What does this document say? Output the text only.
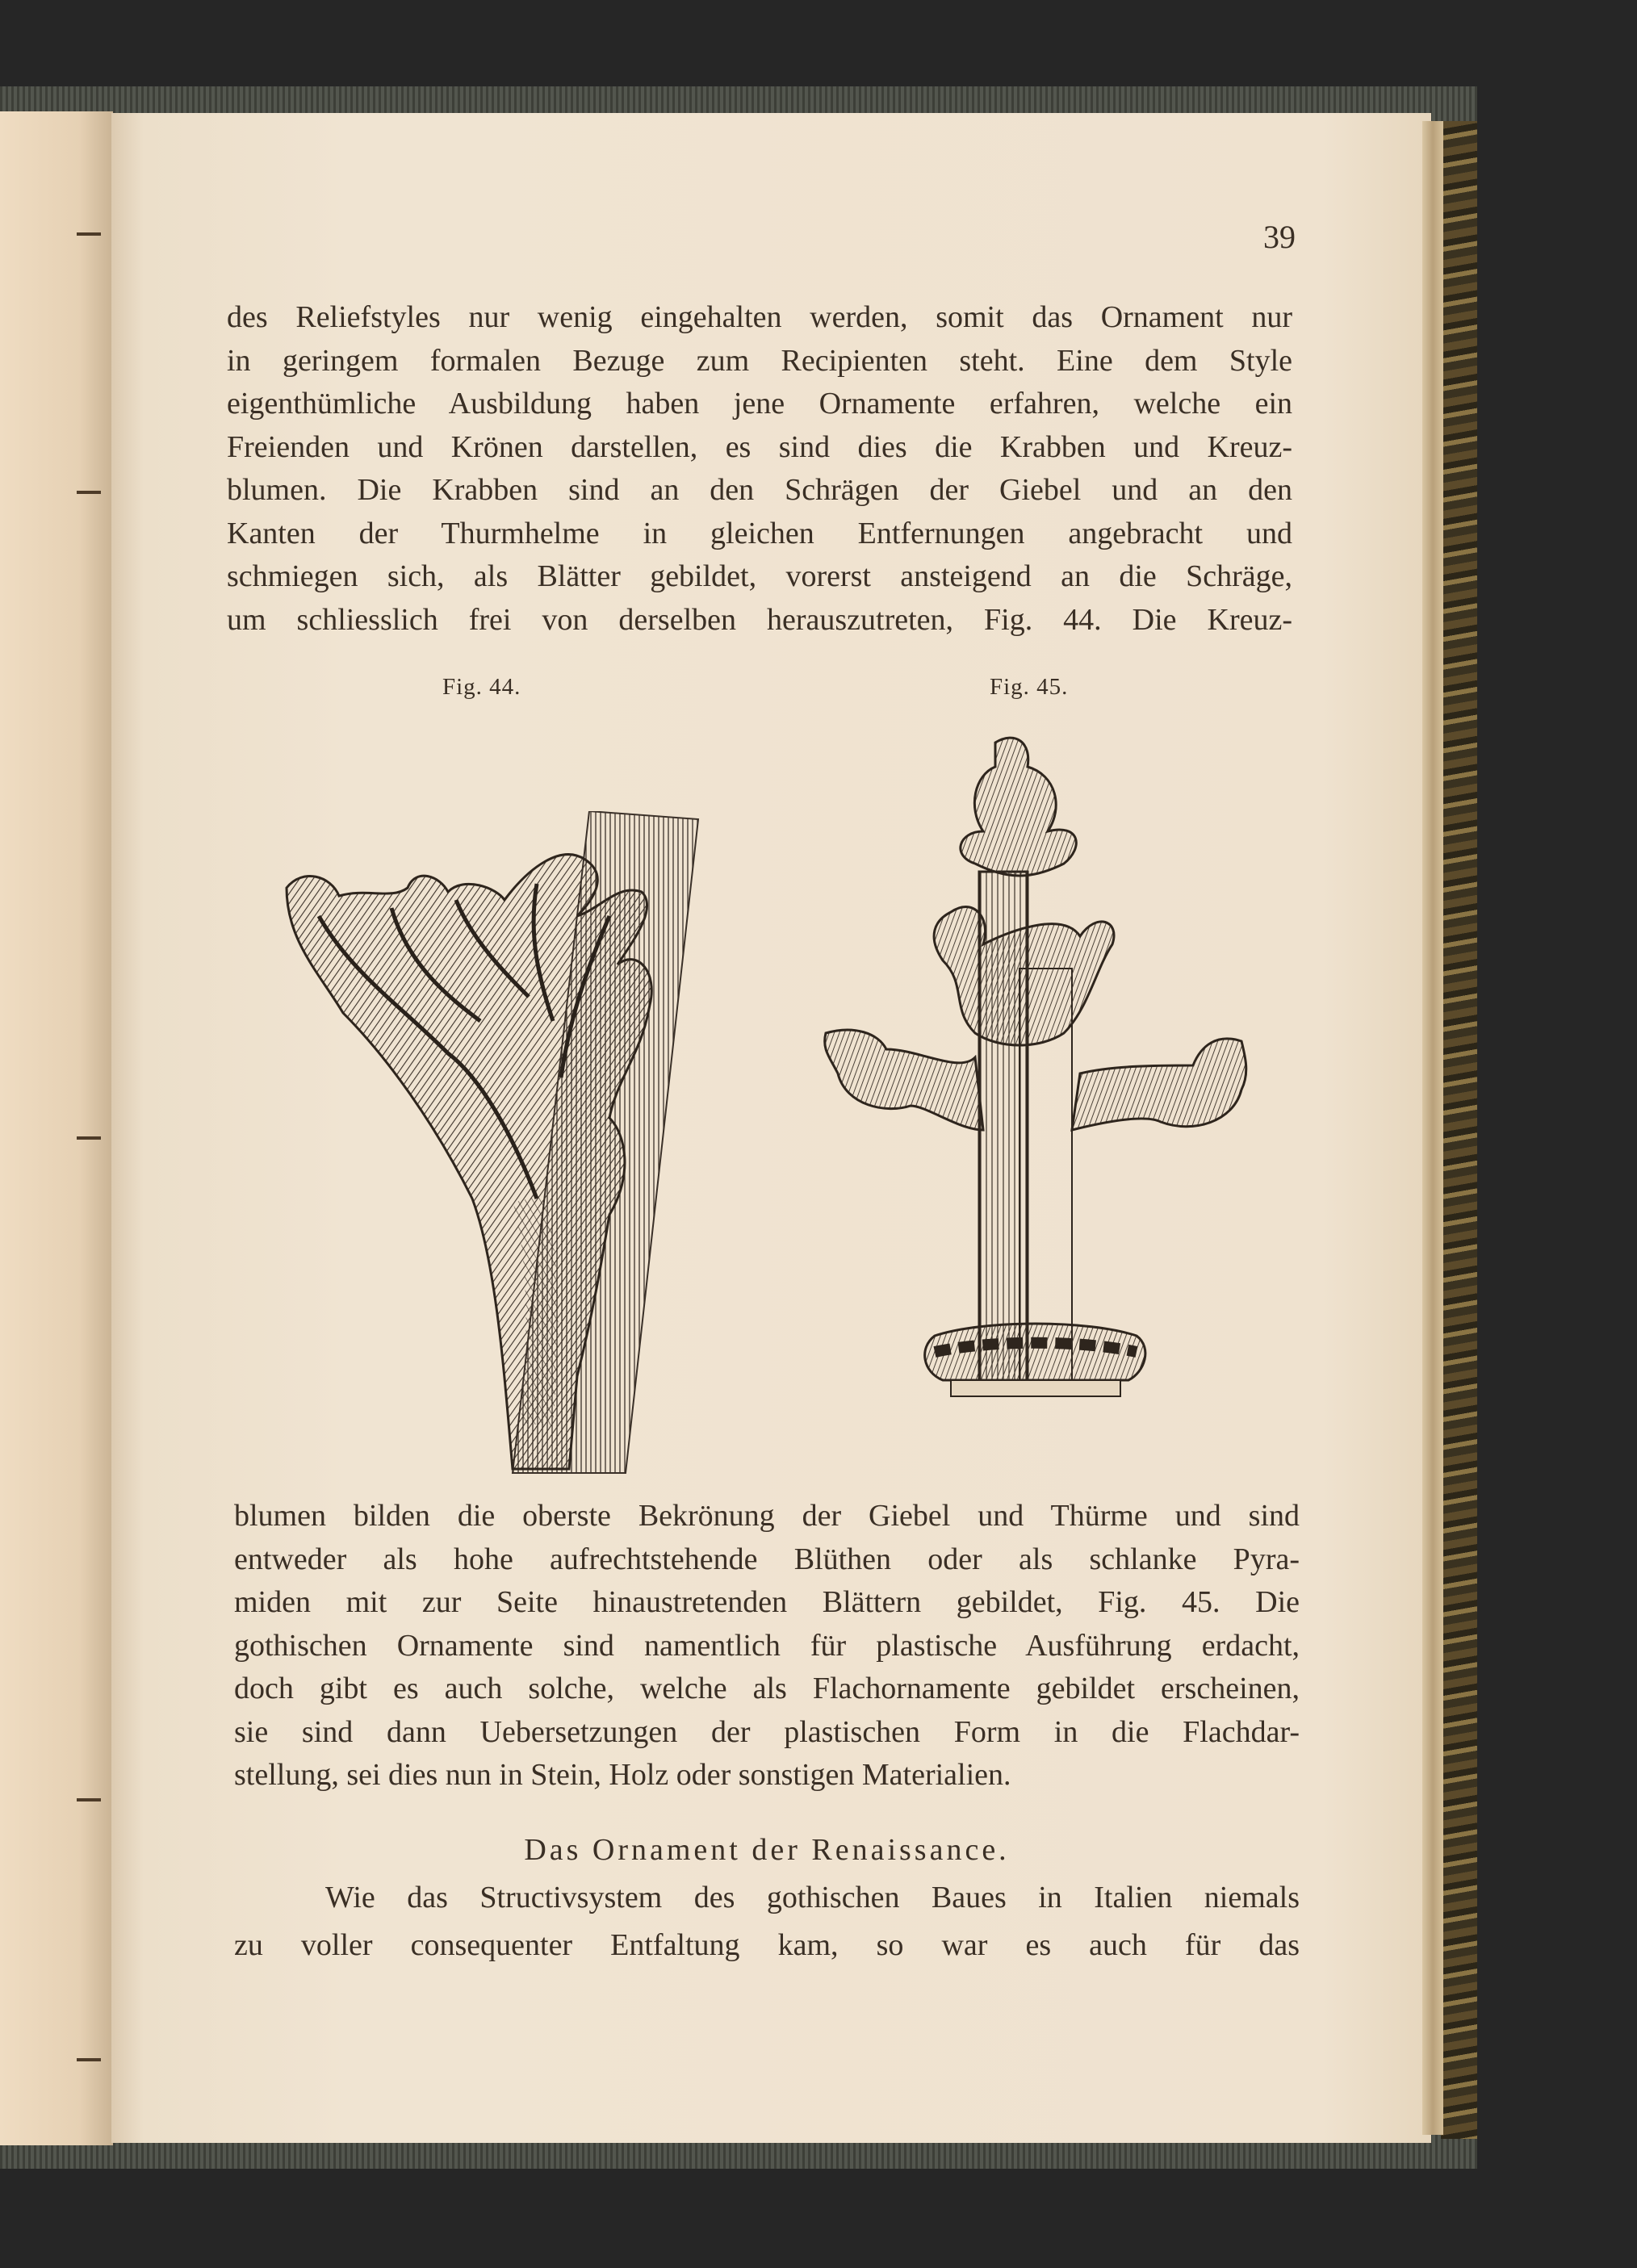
39
des Reliefstyles nur wenig eingehalten werden, somit das Ornament nur
in geringem formalen Bezuge zum Recipienten steht. Eine dem Style
eigenthümliche Ausbildung haben jene Ornamente erfahren, welche ein
Freienden und Krönen darstellen, es sind dies die Krabben und Kreuz-
blumen. Die Krabben sind an den Schrägen der Giebel und an den
Kanten der Thurmhelme in gleichen Entfernungen angebracht und
schmiegen sich, als Blätter gebildet, vorerst ansteigend an die Schräge,
um schliesslich frei von derselben herauszutreten, Fig. 44. Die Kreuz-
Fig. 44.	Fig. 45.
blumen bilden die oberste Bekrönung der Giebel und Thürme und sind
entweder als hohe aufrechtstehende Blüthen oder als schlanke Pyra-
miden mit zur Seite hinaustretenden Blättern gebildet, Fig. 45. Die
gothischen Ornamente sind namentlich für plastische Ausführung erdacht,
doch gibt es auch solche, welche als Flachornamente gebildet erscheinen,
sie sind dann Uebersetzungen der plastischen Form in die Flachdar-
stellung, sei dies nun in Stein, Holz oder sonstigen Materialien.
Das Ornament der Renaissance.
Wie das Structivsystem des gothischen Baues in Italien niemals
zu voller consequenter Entfaltung kam, so war es auch für das
